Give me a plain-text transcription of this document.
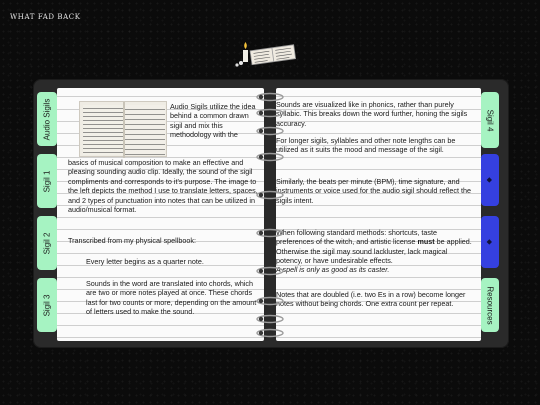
WHAT FAD BACK
Audio Sigils
Sigil 1
Sigil 2
Sigil 3
Sigil 4
◆
◆
Resources

Audio Sigils utilize the idea behind a common drawn sigil and mix this methodology with the

basics of musical composition to make an effective and pleasing sounding audio clip. Ideally, the sound of the sigil compliments and corresponds to it's purpose. The image to the left depicts the method I use to translate letters, spaces, and 2 types of punctuation into notes that can be utilized in audio/musical format.

Transcribed from my physical spellbook:

Every letter begins as a quarter note.

Sounds in the word are translated into chords, which are two or more notes played at once. These chords last for two counts or more, depending on the amount of letters used to make the sound.

Sounds are visualized like in phonics, rather than purely syllabic. This breaks down the word further, honing the sigils accuracy.

For longer sigils, syllables and other note lengths can be utilized as it suits the mood and message of the sigil.

Similarly, the beats per minute (BPM), time signature, and instruments or voice used for the audio sigil should reflect the sigils intent.

When following standard methods: shortcuts, taste preferences of the witch, and artistic license must be applied. Otherwise the sigil may sound lackluster, lack magical potency, or have undesirable effects.

A spell is only as good as its caster.

Notes that are doubled (i.e. two Es in a row) become longer notes without being chords. One extra count per repeat.
